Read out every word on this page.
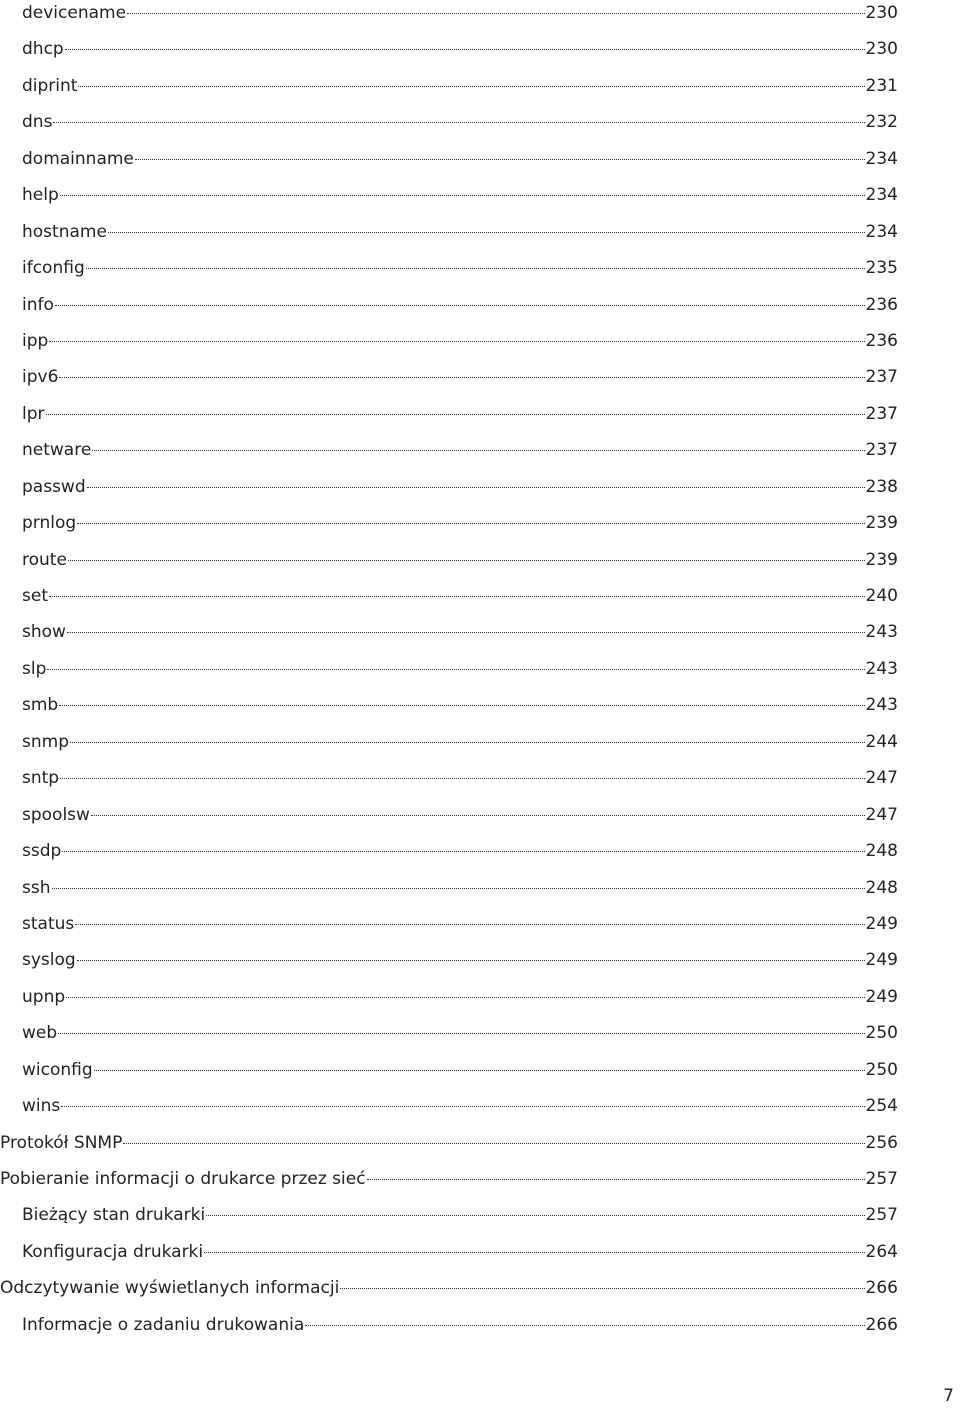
devicename	230
dhcp	230
diprint	231
dns	232
domainname	234
help	234
hostname	234
ifconfig	235
info	236
ipp	236
ipv6	237
lpr	237
netware	237
passwd	238
prnlog	239
route	239
set	240
show	243
slp	243
smb	243
snmp	244
sntp	247
spoolsw	247
ssdp	248
ssh	248
status	249
syslog	249
upnp	249
web	250
wiconfig	250
wins	254
Protokół SNMP	256
Pobieranie informacji o drukarce przez sieć	257
Bieżący stan drukarki	257
Konfiguracja drukarki	264
Odczytywanie wyświetlanych informacji	266
Informacje o zadaniu drukowania	266
7
